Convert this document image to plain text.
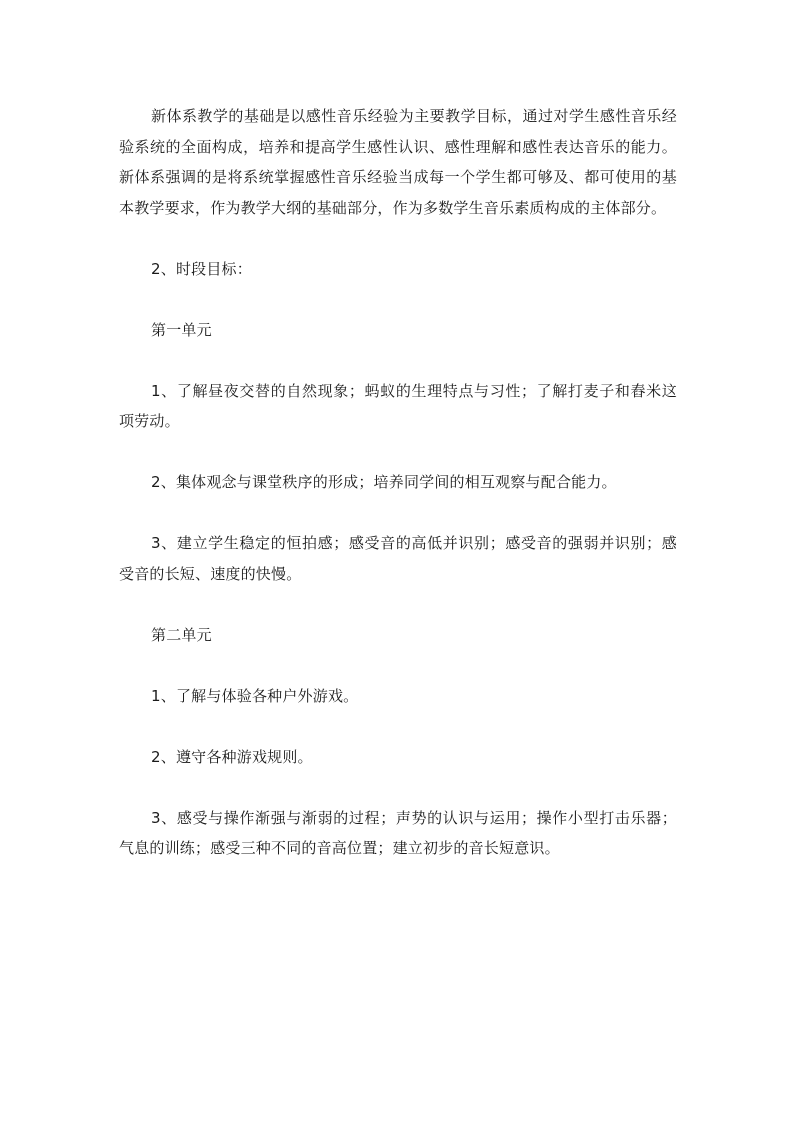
新体系教学的基础是以感性音乐经验为主要教学目标，通过对学生感性音乐经验系统的全面构成，培养和提高学生感性认识、感性理解和感性表达音乐的能力。新体系强调的是将系统掌握感性音乐经验当成每一个学生都可够及、都可使用的基本教学要求，作为教学大纲的基础部分，作为多数学生音乐素质构成的主体部分。

2、时段目标：

第一单元

1、了解昼夜交替的自然现象；蚂蚁的生理特点与习性；了解打麦子和舂米这项劳动。

2、集体观念与课堂秩序的形成；培养同学间的相互观察与配合能力。

3、建立学生稳定的恒拍感；感受音的高低并识别；感受音的强弱并识别；感受音的长短、速度的快慢。

第二单元

1、了解与体验各种户外游戏。

2、遵守各种游戏规则。

3、感受与操作渐强与渐弱的过程；声势的认识与运用；操作小型打击乐器；气息的训练；感受三种不同的音高位置；建立初步的音长短意识。
